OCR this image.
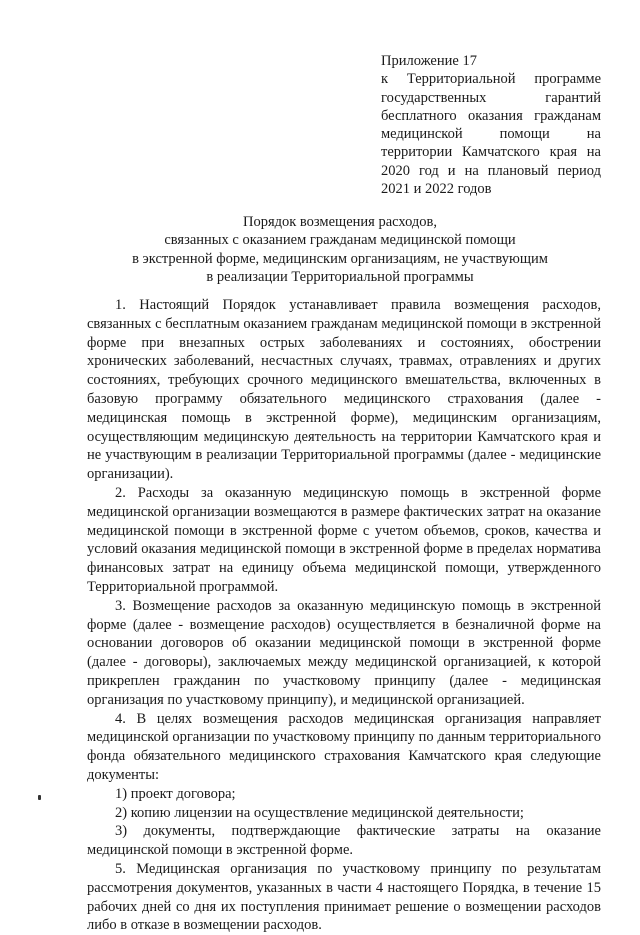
Приложение 17

к Территориальной программе государственных гарантий бесплатного оказания гражданам медицинской помощи на территории Камчатского края на 2020 год и на плановый период 2021 и 2022 годов

Порядок возмещения расходов,

связанных с оказанием гражданам медицинской помощи

в экстренной форме, медицинским организациям, не участвующим

в реализации Территориальной программы

1. Настоящий Порядок устанавливает правила возмещения расходов, связанных с бесплатным оказанием гражданам медицинской помощи в экстренной форме при внезапных острых заболеваниях и состояниях, обострении хронических заболеваний, несчастных случаях, травмах, отравлениях и других состояниях, требующих срочного медицинского вмешательства, включенных в базовую программу обязательного медицинского страхования (далее - медицинская помощь в экстренной форме), медицинским организациям, осуществляющим медицинскую деятельность на территории Камчатского края и не участвующим в реализации Территориальной программы (далее - медицинские организации).

2. Расходы за оказанную медицинскую помощь в экстренной форме медицинской организации возмещаются в размере фактических затрат на оказание медицинской помощи в экстренной форме с учетом объемов, сроков, качества и условий оказания медицинской помощи в экстренной форме в пределах норматива финансовых затрат на единицу объема медицинской помощи, утвержденного Территориальной программой.

3. Возмещение расходов за оказанную медицинскую помощь в экстренной форме (далее - возмещение расходов) осуществляется в безналичной форме на основании договоров об оказании медицинской помощи в экстренной форме (далее - договоры), заключаемых между медицинской организацией, к которой прикреплен гражданин по участковому принципу (далее - медицинская организация по участковому принципу), и медицинской организацией.

4. В целях возмещения расходов медицинская организация направляет медицинской организации по участковому принципу по данным территориального фонда обязательного медицинского страхования Камчатского края следующие документы:

1) проект договора;

2) копию лицензии на осуществление медицинской деятельности;

3) документы, подтверждающие фактические затраты на оказание медицинской помощи в экстренной форме.

5. Медицинская организация по участковому принципу по результатам рассмотрения документов, указанных в части 4 настоящего Порядка, в течение 15 рабочих дней со дня их поступления принимает решение о возмещении расходов либо в отказе в возмещении расходов.
